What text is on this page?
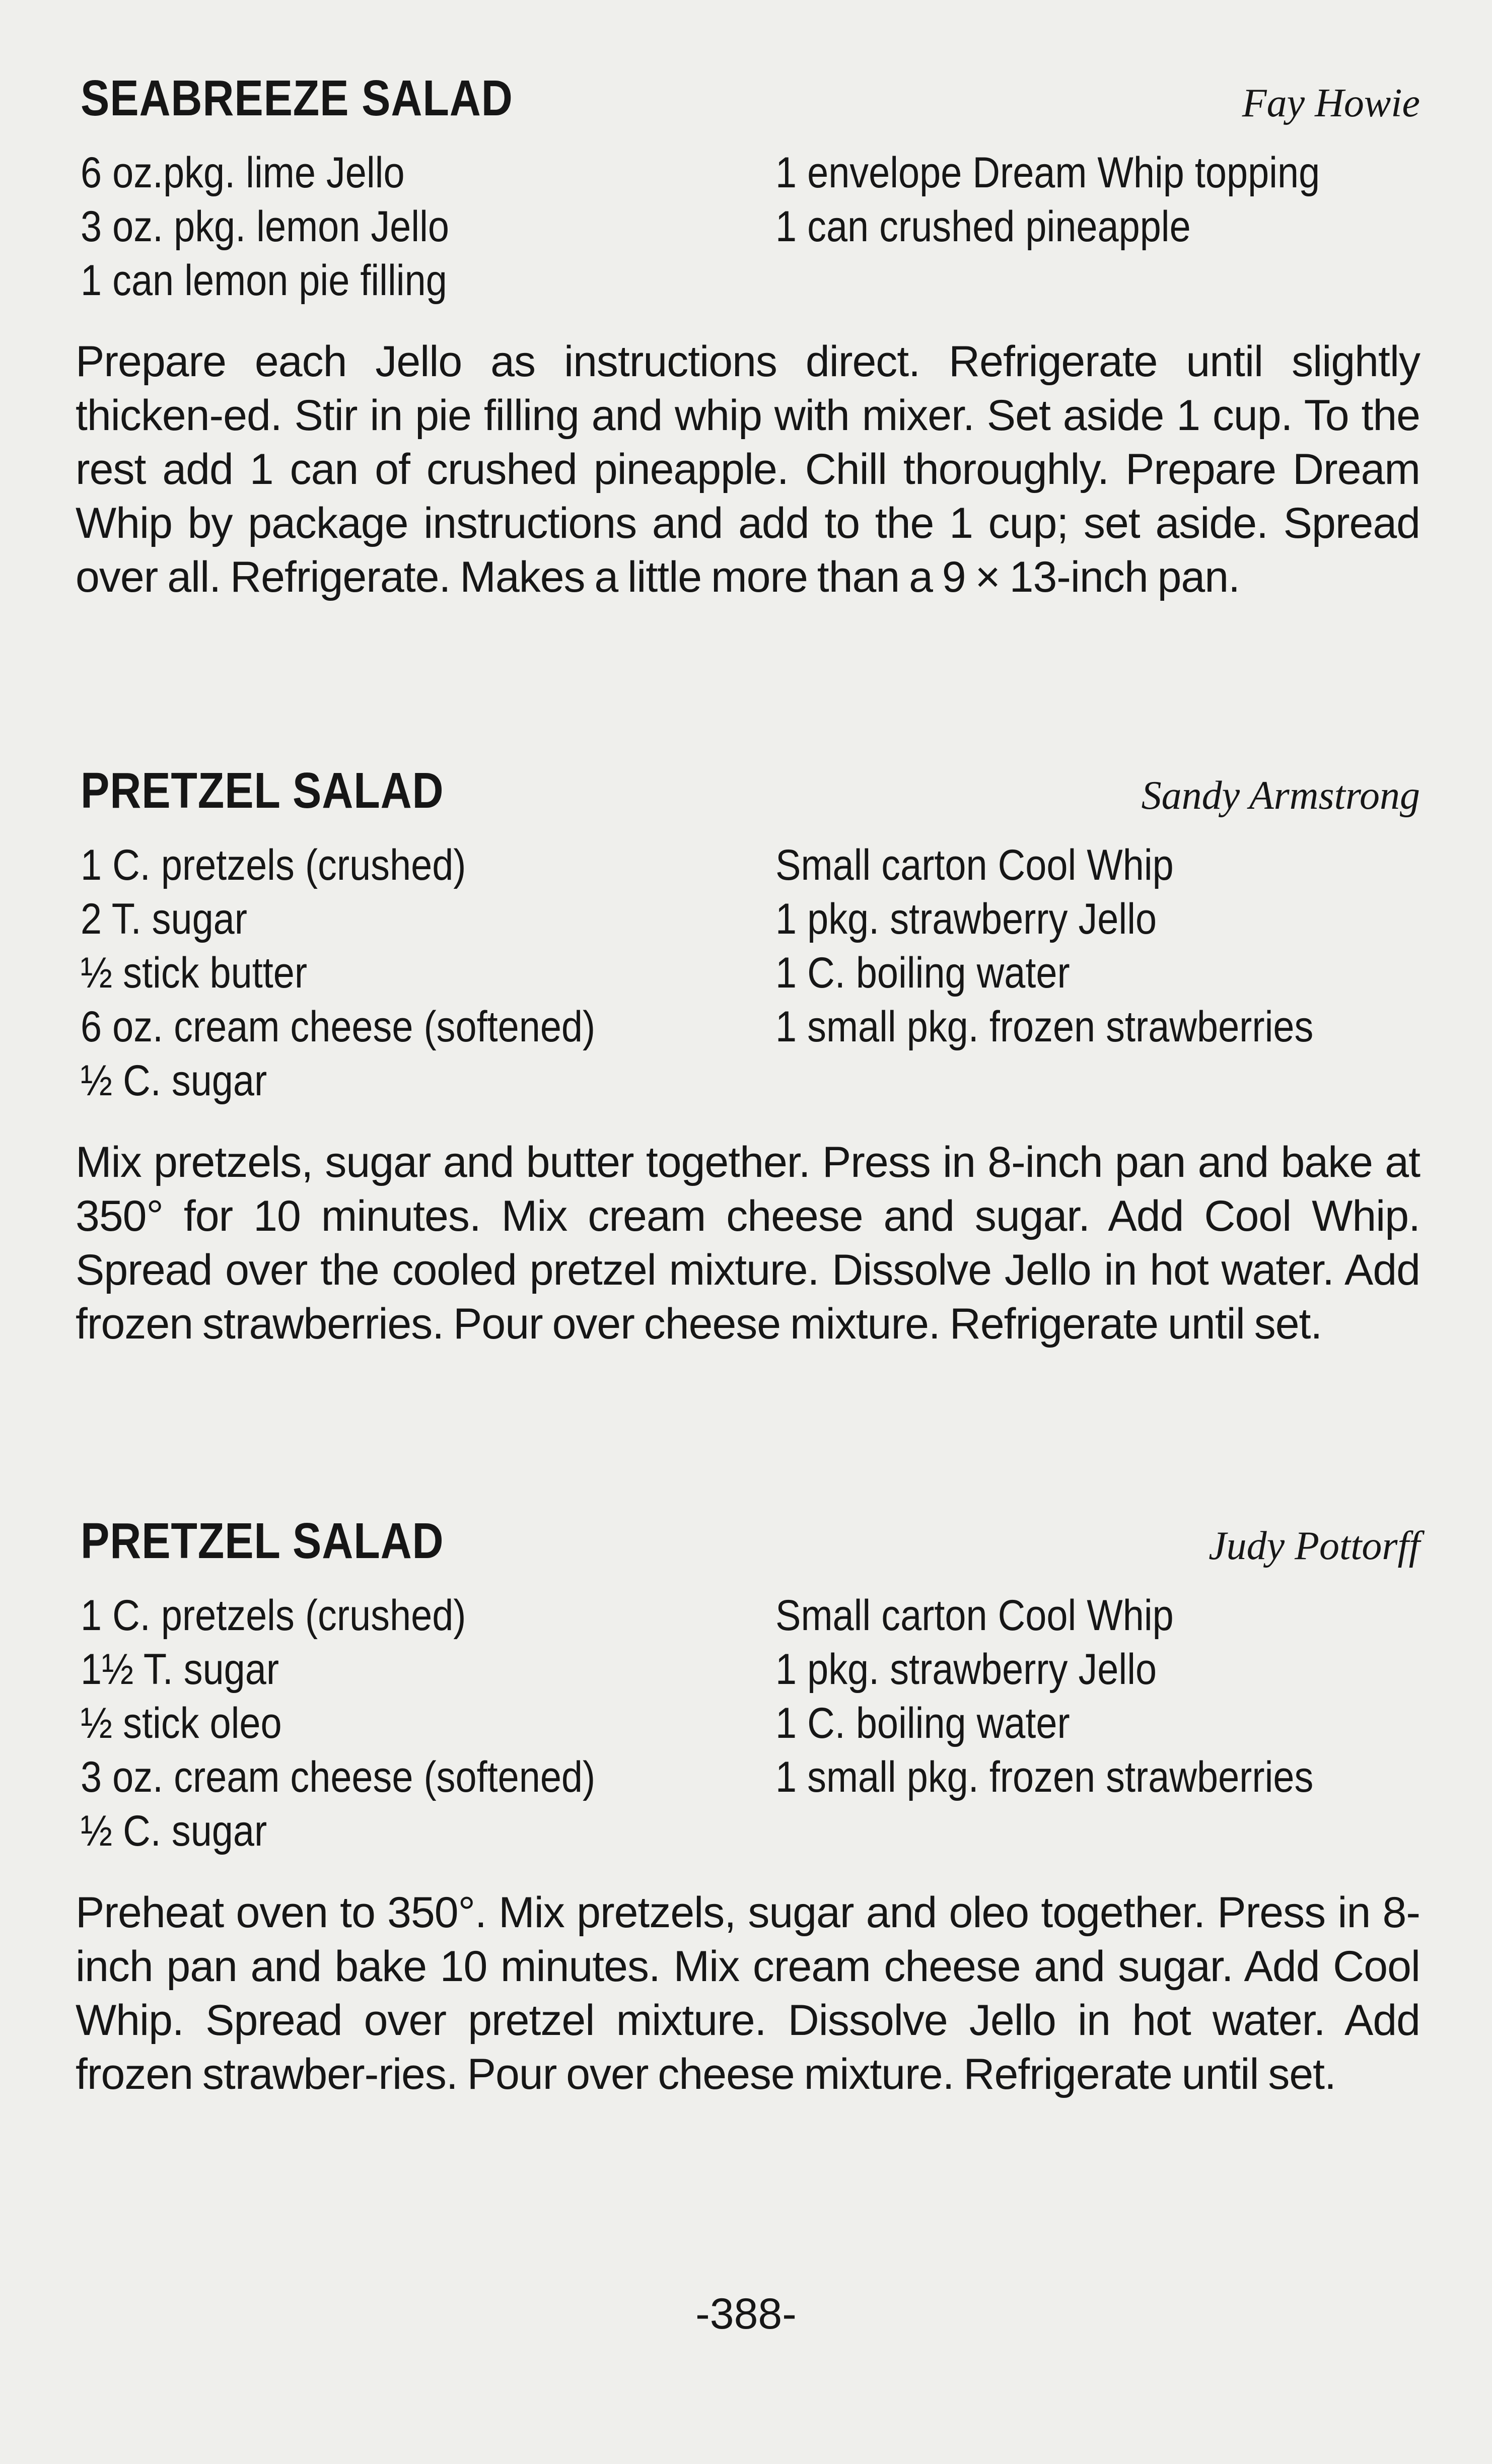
SEABREEZE SALAD	Fay Howie
6 oz.pkg. lime Jello
3 oz. pkg. lemon Jello
1 can lemon pie filling
1 envelope Dream Whip topping
1 can crushed pineapple

Prepare each Jello as instructions direct. Refrigerate until slightly thicken-ed. Stir in pie filling and whip with mixer. Set aside 1 cup. To the rest add 1 can of crushed pineapple. Chill thoroughly. Prepare Dream Whip by package instructions and add to the 1 cup; set aside. Spread over all. Refrigerate. Makes a little more than a 9 × 13-inch pan.

PRETZEL SALAD	Sandy Armstrong
1 C. pretzels (crushed)
2 T. sugar
½ stick butter
6 oz. cream cheese (softened)
½ C. sugar
Small carton Cool Whip
1 pkg. strawberry Jello
1 C. boiling water
1 small pkg. frozen strawberries

Mix pretzels, sugar and butter together. Press in 8-inch pan and bake at 350° for 10 minutes. Mix cream cheese and sugar. Add Cool Whip. Spread over the cooled pretzel mixture. Dissolve Jello in hot water. Add frozen strawberries. Pour over cheese mixture. Refrigerate until set.

PRETZEL SALAD	Judy Pottorff
1 C. pretzels (crushed)
1½ T. sugar
½ stick oleo
3 oz. cream cheese (softened)
½ C. sugar
Small carton Cool Whip
1 pkg. strawberry Jello
1 C. boiling water
1 small pkg. frozen strawberries

Preheat oven to 350°. Mix pretzels, sugar and oleo together. Press in 8-inch pan and bake 10 minutes. Mix cream cheese and sugar. Add Cool Whip. Spread over pretzel mixture. Dissolve Jello in hot water. Add frozen strawber-ries. Pour over cheese mixture. Refrigerate until set.

-388-
